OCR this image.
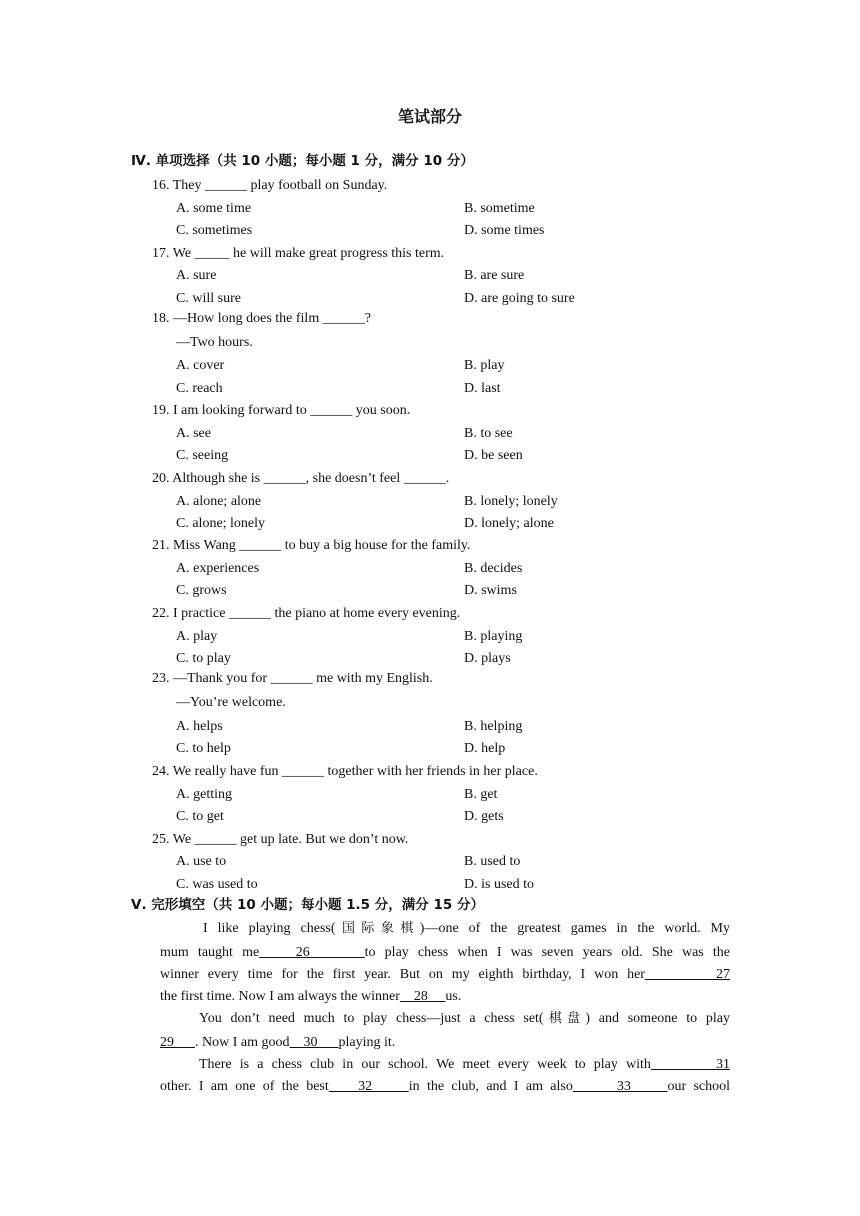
笔试部分
Ⅳ. 单项选择（共 10 小题；每小题 1 分，满分 10 分）
16. They ______ play football on Sunday.
A. some time	B. sometime
C. sometimes	D. some times
17. We _____ he will make great progress this term.
A. sure	B. are sure
C. will sure	D. are going to sure
18. —How long does the film ______?
—Two hours.
A. cover	B. play
C. reach	D. last
19. I am looking forward to ______ you soon.
A. see	B. to see
C. seeing	D. be seen
20. Although she is ______, she doesn’t feel ______.
A. alone; alone	B. lonely; lonely
C. alone; lonely	D. lonely; alone
21. Miss Wang ______ to buy a big house for the family.
A. experiences	B. decides
C. grows	D. swims
22. I practice ______ the piano at home every evening.
A. play	B. playing
C. to play	D. plays
23. —Thank you for ______ me with my English.
—You’re welcome.
A. helps	B. helping
C. to help	D. help
24. We really have fun ______ together with her friends in her place.
A. getting	B. get
C. to get	D. gets
25. We ______ get up late. But we don’t now.
A. use to	B. used to
C. was used to	D. is used to
Ⅴ. 完形填空（共 10 小题；每小题 1.5 分，满分 15 分）
I like playing chess(国际象棋)—one of the greatest games in the world. My
mum taught me    26      to play chess when I was seven years old. She was the
winner every time for the first year. But on my eighth birthday, I won her        27
the first time. Now I am always the winner    28     us.
You don’t need much to play chess—just a chess set(棋盘) and someone to play
29      . Now I am good    30      playing it.
There is a chess club in our school. We meet every week to play with        31
other. I am one of the best    32     in the club, and I am also      33     our school
